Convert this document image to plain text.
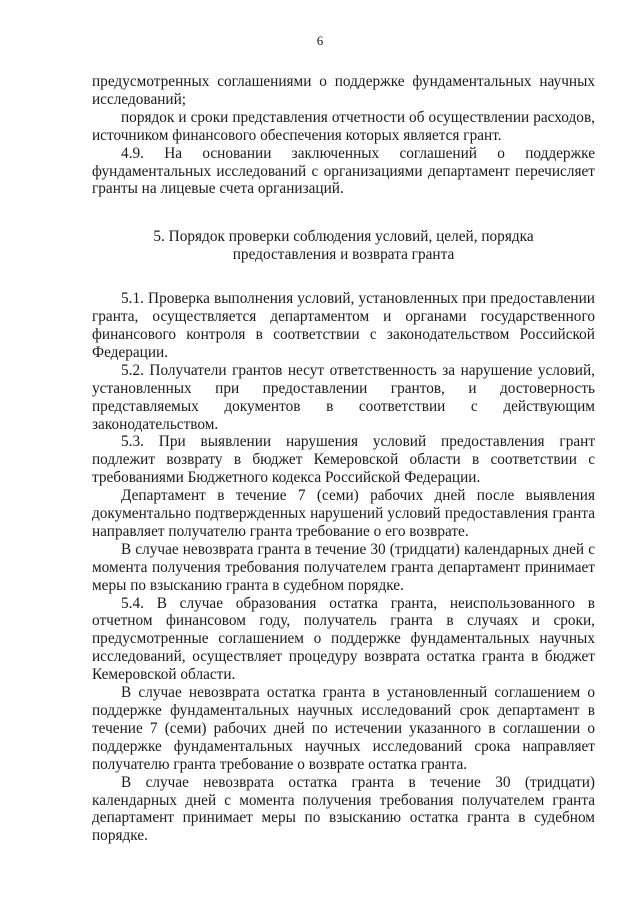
6

предусмотренных соглашениями о поддержке фундаментальных научных исследований;

порядок и сроки представления отчетности об осуществлении расходов, источником финансового обеспечения которых является грант.

4.9. На основании заключенных соглашений о поддержке фундаментальных исследований с организациями департамент перечисляет гранты на лицевые счета организаций.

5. Порядок проверки соблюдения условий, целей, порядка
предоставления и возврата гранта

5.1. Проверка выполнения условий, установленных при предоставлении гранта, осуществляется департаментом и органами государственного финансового контроля в соответствии с законодательством Российской Федерации.

5.2. Получатели грантов несут ответственность за нарушение условий, установленных при предоставлении грантов, и достоверность представляемых документов в соответствии с действующим законодательством.

5.3. При выявлении нарушения условий предоставления грант подлежит возврату в бюджет Кемеровской области в соответствии с требованиями Бюджетного кодекса Российской Федерации.

Департамент в течение 7 (семи) рабочих дней после выявления документально подтвержденных нарушений условий предоставления гранта направляет получателю гранта требование о его возврате.

В случае невозврата гранта в течение 30 (тридцати) календарных дней с момента получения требования получателем гранта департамент принимает меры по взысканию гранта в судебном порядке.

5.4. В случае образования остатка гранта, неиспользованного в отчетном финансовом году, получатель гранта в случаях и сроки, предусмотренные соглашением о поддержке фундаментальных научных исследований, осуществляет процедуру возврата остатка гранта в бюджет Кемеровской области.

В случае невозврата остатка гранта в установленный соглашением о поддержке фундаментальных научных исследований срок департамент в течение 7 (семи) рабочих дней по истечении указанного в соглашении о поддержке фундаментальных научных исследований срока направляет получателю гранта требование о возврате остатка гранта.

В случае невозврата остатка гранта в течение 30 (тридцати) календарных дней с момента получения требования получателем гранта департамент принимает меры по взысканию остатка гранта в судебном порядке.
